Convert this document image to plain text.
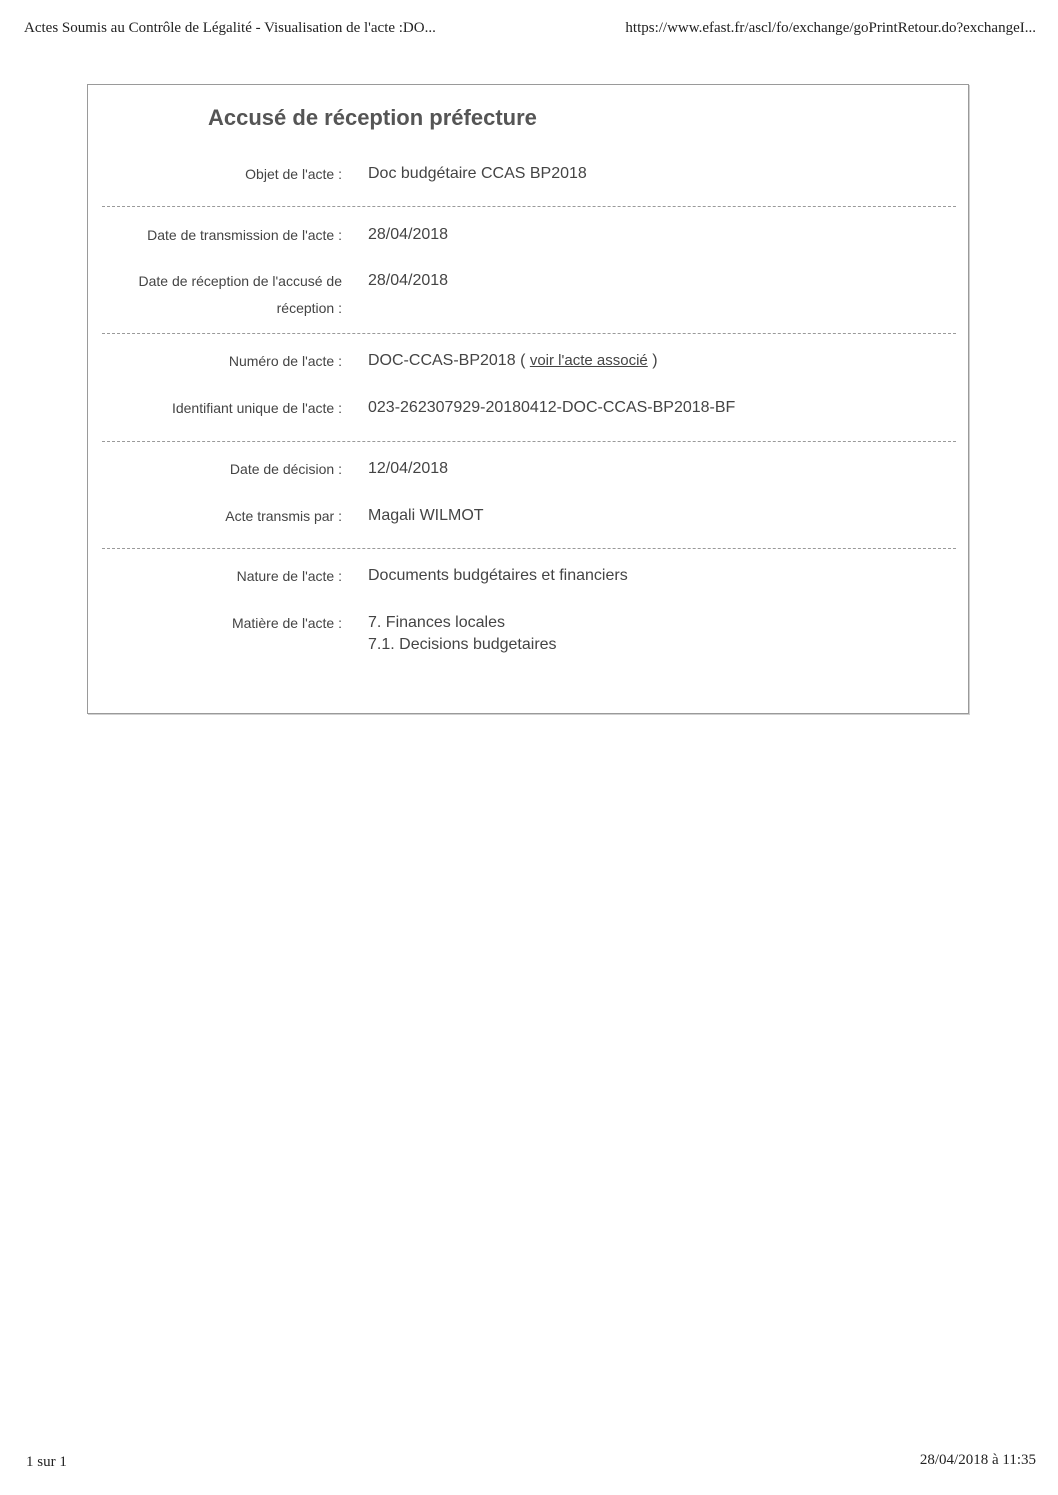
Actes Soumis au Contrôle de Légalité - Visualisation de l'acte :DO...	https://www.efast.fr/ascl/fo/exchange/goPrintRetour.do?exchangeI...
Accusé de réception préfecture
Objet de l'acte : Doc budgétaire CCAS BP2018
Date de transmission de l'acte : 28/04/2018
Date de réception de l'accusé de
réception :
28/04/2018
Numéro de l'acte : DOC-CCAS-BP2018 ( voir l'acte associé )
Identifiant unique de l'acte : 023-262307929-20180412-DOC-CCAS-BP2018-BF
Date de décision : 12/04/2018
Acte transmis par : Magali WILMOT
Nature de l'acte : Documents budgétaires et financiers
Matière de l'acte : 7. Finances locales
7.1. Decisions budgetaires
1 sur 1	28/04/2018 à 11:35
